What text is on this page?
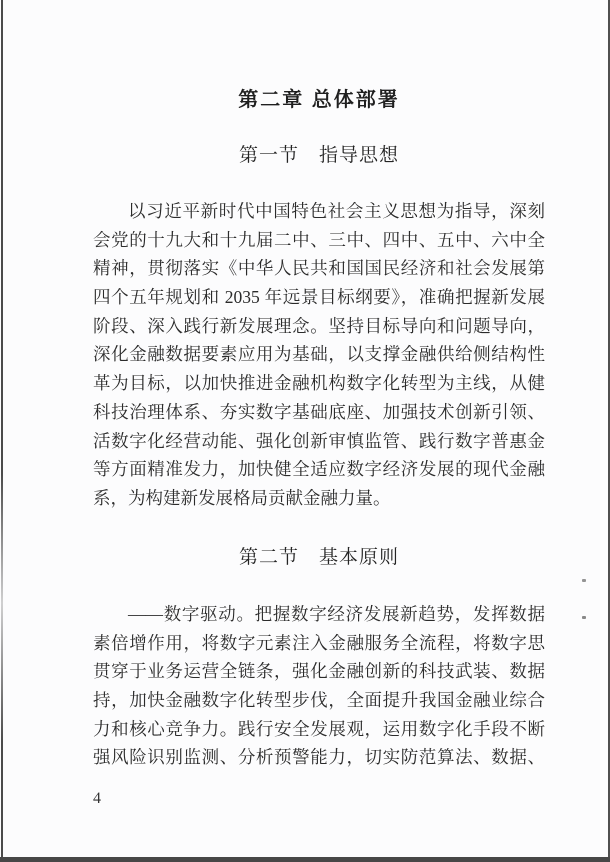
第二章 总体部署
第一节　指导思想
以习近平新时代中国特色社会主义思想为指导，深刻
会党的十九大和十九届二中、三中、四中、五中、六中全
精神，贯彻落实《中华人民共和国国民经济和社会发展第
四个五年规划和 2035 年远景目标纲要》，准确把握新发展
阶段、深入践行新发展理念。坚持目标导向和问题导向，
深化金融数据要素应用为基础，以支撑金融供给侧结构性
革为目标，以加快推进金融机构数字化转型为主线，从健
科技治理体系、夯实数字基础底座、加强技术创新引领、
活数字化经营动能、强化创新审慎监管、践行数字普惠金
等方面精准发力，加快健全适应数字经济发展的现代金融
系，为构建新发展格局贡献金融力量。
第二节　基本原则
——数字驱动。把握数字经济发展新趋势，发挥数据
素倍增作用，将数字元素注入金融服务全流程，将数字思
贯穿于业务运营全链条，强化金融创新的科技武装、数据
持，加快金融数字化转型步伐，全面提升我国金融业综合
力和核心竞争力。践行安全发展观，运用数字化手段不断
强风险识别监测、分析预警能力，切实防范算法、数据、
4
